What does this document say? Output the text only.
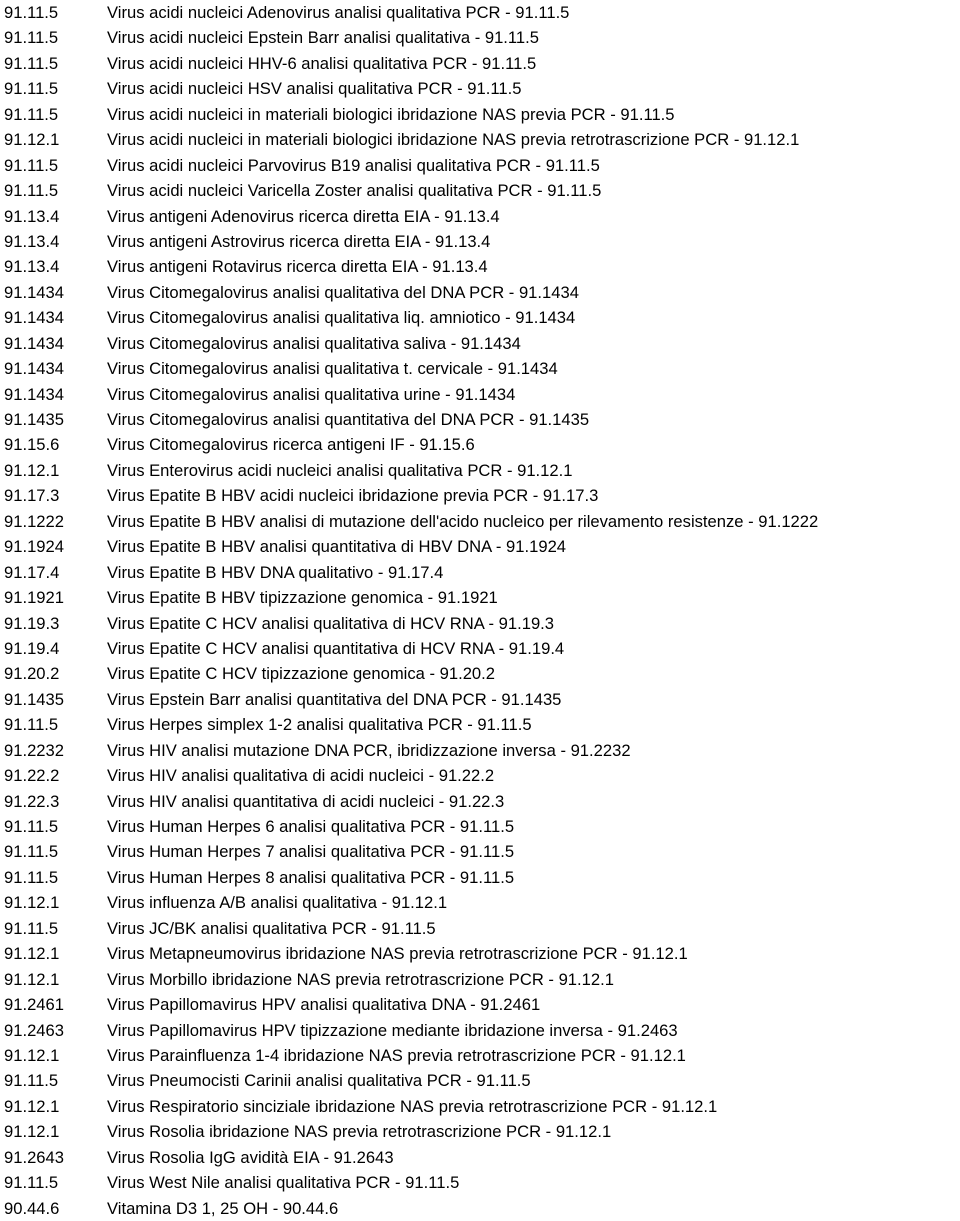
91.11.5	Virus acidi nucleici Adenovirus analisi qualitativa PCR - 91.11.5
91.11.5	Virus acidi nucleici Epstein Barr analisi qualitativa - 91.11.5
91.11.5	Virus acidi nucleici HHV-6 analisi qualitativa PCR - 91.11.5
91.11.5	Virus acidi nucleici HSV analisi qualitativa PCR - 91.11.5
91.11.5	Virus acidi nucleici in materiali biologici ibridazione NAS previa PCR - 91.11.5
91.12.1	Virus acidi nucleici in materiali biologici ibridazione NAS previa retrotrascrizione PCR - 91.12.1
91.11.5	Virus acidi nucleici Parvovirus B19 analisi qualitativa PCR - 91.11.5
91.11.5	Virus acidi nucleici Varicella Zoster analisi qualitativa PCR - 91.11.5
91.13.4	Virus antigeni Adenovirus ricerca diretta EIA - 91.13.4
91.13.4	Virus antigeni Astrovirus ricerca diretta EIA - 91.13.4
91.13.4	Virus antigeni Rotavirus ricerca diretta EIA - 91.13.4
91.1434	Virus Citomegalovirus analisi qualitativa del DNA PCR - 91.1434
91.1434	Virus Citomegalovirus analisi qualitativa liq. amniotico - 91.1434
91.1434	Virus Citomegalovirus analisi qualitativa saliva - 91.1434
91.1434	Virus Citomegalovirus analisi qualitativa t. cervicale - 91.1434
91.1434	Virus Citomegalovirus analisi qualitativa urine - 91.1434
91.1435	Virus Citomegalovirus analisi quantitativa del DNA PCR - 91.1435
91.15.6	Virus Citomegalovirus ricerca antigeni IF - 91.15.6
91.12.1	Virus Enterovirus acidi nucleici analisi qualitativa PCR - 91.12.1
91.17.3	Virus Epatite B HBV acidi nucleici ibridazione previa PCR - 91.17.3
91.1222	Virus Epatite B HBV analisi di mutazione dell'acido nucleico per rilevamento resistenze - 91.1222
91.1924	Virus Epatite B HBV analisi quantitativa di HBV DNA - 91.1924
91.17.4	Virus Epatite B HBV DNA qualitativo - 91.17.4
91.1921	Virus Epatite B HBV tipizzazione genomica - 91.1921
91.19.3	Virus Epatite C HCV analisi qualitativa di HCV RNA - 91.19.3
91.19.4	Virus Epatite C HCV analisi quantitativa di HCV RNA - 91.19.4
91.20.2	Virus Epatite C HCV tipizzazione genomica - 91.20.2
91.1435	Virus Epstein Barr analisi quantitativa del DNA PCR - 91.1435
91.11.5	Virus Herpes simplex 1-2 analisi qualitativa PCR - 91.11.5
91.2232	Virus HIV analisi mutazione DNA PCR, ibridizzazione inversa - 91.2232
91.22.2	Virus HIV analisi qualitativa di acidi nucleici - 91.22.2
91.22.3	Virus HIV analisi quantitativa di acidi nucleici - 91.22.3
91.11.5	Virus Human Herpes 6 analisi qualitativa PCR - 91.11.5
91.11.5	Virus Human Herpes 7 analisi qualitativa PCR - 91.11.5
91.11.5	Virus Human Herpes 8 analisi qualitativa PCR - 91.11.5
91.12.1	Virus influenza A/B analisi qualitativa - 91.12.1
91.11.5	Virus JC/BK analisi qualitativa PCR - 91.11.5
91.12.1	Virus Metapneumovirus ibridazione NAS previa retrotrascrizione PCR - 91.12.1
91.12.1	Virus Morbillo ibridazione NAS previa retrotrascrizione PCR - 91.12.1
91.2461	Virus Papillomavirus HPV analisi qualitativa DNA - 91.2461
91.2463	Virus Papillomavirus HPV tipizzazione mediante ibridazione inversa - 91.2463
91.12.1	Virus Parainfluenza 1-4 ibridazione NAS previa retrotrascrizione PCR - 91.12.1
91.11.5	Virus Pneumocisti Carinii analisi qualitativa PCR - 91.11.5
91.12.1	Virus Respiratorio sinciziale ibridazione NAS previa retrotrascrizione PCR - 91.12.1
91.12.1	Virus Rosolia ibridazione NAS previa retrotrascrizione PCR - 91.12.1
91.2643	Virus Rosolia IgG avidità EIA - 91.2643
91.11.5	Virus West Nile analisi qualitativa PCR - 91.11.5
90.44.6	Vitamina D3 1, 25 OH - 90.44.6
